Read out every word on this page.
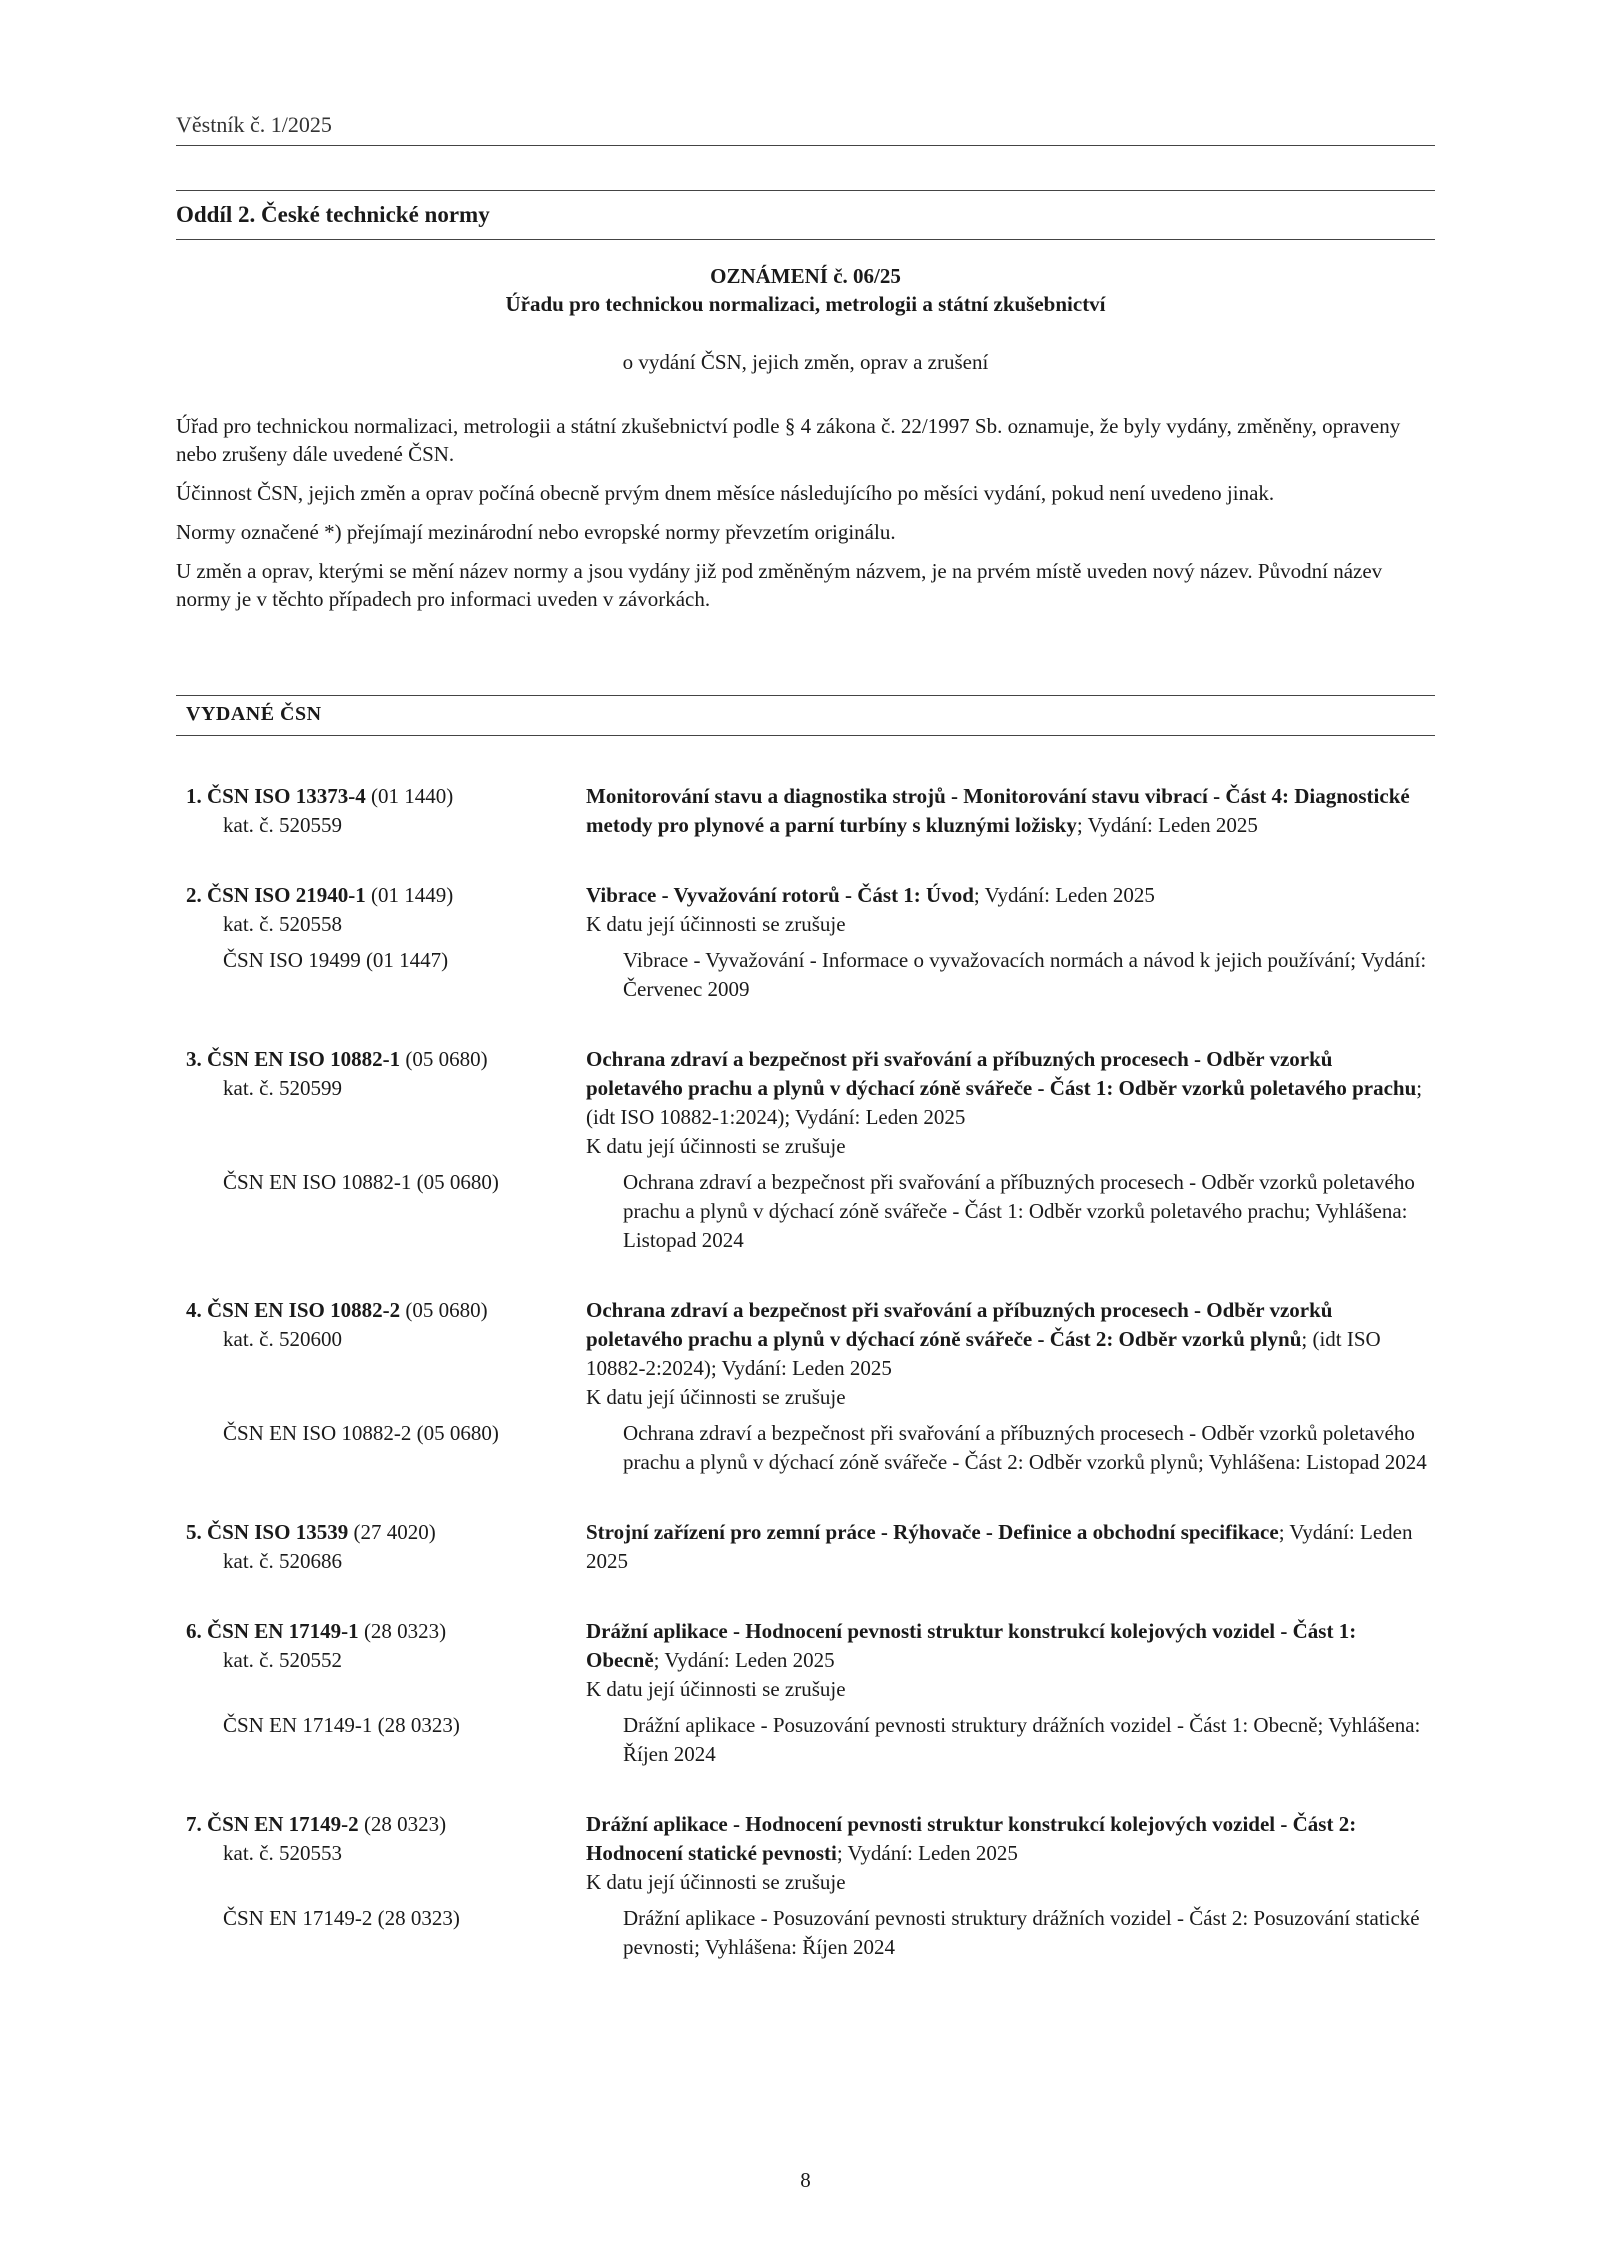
Věstník č. 1/2025
Oddíl 2. České technické normy
OZNÁMENÍ č. 06/25
Úřadu pro technickou normalizaci, metrologii a státní zkušebnictví
o vydání ČSN, jejich změn, oprav a zrušení

Úřad pro technickou normalizaci, metrologii a státní zkušebnictví podle § 4 zákona č. 22/1997 Sb. oznamuje, že byly vydány, změněny, opraveny nebo zrušeny dále uvedené ČSN.

Účinnost ČSN, jejich změn a oprav počíná obecně prvým dnem měsíce následujícího po měsíci vydání, pokud není uvedeno jinak.

Normy označené *) přejímají mezinárodní nebo evropské normy převzetím originálu.

U změn a oprav, kterými se mění název normy a jsou vydány již pod změněným názvem, je na prvém místě uveden nový název. Původní název normy je v těchto případech pro informaci uveden v závorkách.

VYDANÉ ČSN
1. ČSN ISO 13373-4 (01 1440)
kat. č. 520559
Monitorování stavu a diagnostika strojů - Monitorování stavu vibrací - Část 4: Diagnostické metody pro plynové a parní turbíny s kluznými ložisky; Vydání: Leden 2025
2. ČSN ISO 21940-1 (01 1449)
kat. č. 520558
Vibrace - Vyvažování rotorů - Část 1: Úvod; Vydání: Leden 2025
K datu její účinnosti se zrušuje
ČSN ISO 19499 (01 1447)	Vibrace - Vyvažování - Informace o vyvažovacích normách a návod k jejich používání; Vydání: Červenec 2009
3. ČSN EN ISO 10882-1 (05 0680)
kat. č. 520599
Ochrana zdraví a bezpečnost při svařování a příbuzných procesech - Odběr vzorků poletavého prachu a plynů v dýchací zóně svářeče - Část 1: Odběr vzorků poletavého prachu; (idt ISO 10882-1:2024); Vydání: Leden 2025
K datu její účinnosti se zrušuje
ČSN EN ISO 10882-1 (05 0680)	Ochrana zdraví a bezpečnost při svařování a příbuzných procesech - Odběr vzorků poletavého prachu a plynů v dýchací zóně svářeče - Část 1: Odběr vzorků poletavého prachu; Vyhlášena: Listopad 2024
4. ČSN EN ISO 10882-2 (05 0680)
kat. č. 520600
Ochrana zdraví a bezpečnost při svařování a příbuzných procesech - Odběr vzorků poletavého prachu a plynů v dýchací zóně svářeče - Část 2: Odběr vzorků plynů; (idt ISO 10882-2:2024); Vydání: Leden 2025
K datu její účinnosti se zrušuje
ČSN EN ISO 10882-2 (05 0680)	Ochrana zdraví a bezpečnost při svařování a příbuzných procesech - Odběr vzorků poletavého prachu a plynů v dýchací zóně svářeče - Část 2: Odběr vzorků plynů; Vyhlášena: Listopad 2024
5. ČSN ISO 13539 (27 4020)
kat. č. 520686
Strojní zařízení pro zemní práce - Rýhovače - Definice a obchodní specifikace; Vydání: Leden 2025
6. ČSN EN 17149-1 (28 0323)
kat. č. 520552
Drážní aplikace - Hodnocení pevnosti struktur konstrukcí kolejových vozidel - Část 1: Obecně; Vydání: Leden 2025
K datu její účinnosti se zrušuje
ČSN EN 17149-1 (28 0323)	Drážní aplikace - Posuzování pevnosti struktury drážních vozidel - Část 1: Obecně; Vyhlášena: Říjen 2024
7. ČSN EN 17149-2 (28 0323)
kat. č. 520553
Drážní aplikace - Hodnocení pevnosti struktur konstrukcí kolejových vozidel - Část 2: Hodnocení statické pevnosti; Vydání: Leden 2025
K datu její účinnosti se zrušuje
ČSN EN 17149-2 (28 0323)	Drážní aplikace - Posuzování pevnosti struktury drážních vozidel - Část 2: Posuzování statické pevnosti; Vyhlášena: Říjen 2024
8
